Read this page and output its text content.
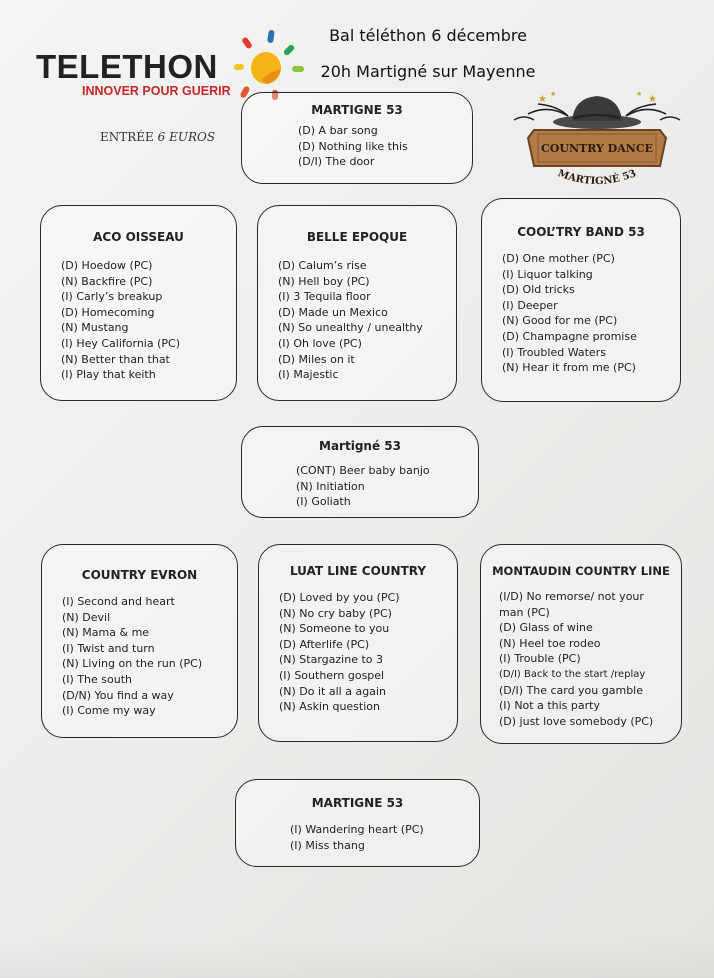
TELETHON
INNOVER POUR GUERIR
Bal téléthon 6 décembre
20h Martigné sur Mayenne
ENTRÉE 6 EUROS
★	★
★	★
COUNTRY DANCE
MARTIGNÉ 53
MARTIGNE 53
(D) A bar song
(D) Nothing like this
(D/I) The door
ACO OISSEAU
(D) Hoedow (PC)
(N) Backfire (PC)
(I) Carly’s breakup
(D) Homecoming
(N) Mustang
(I) Hey California (PC)
(N) Better than that
(I) Play that keith
BELLE EPOQUE
(D) Calum’s rise
(N) Hell boy (PC)
(I) 3 Tequila floor
(D) Made un Mexico
(N) So unealthy / unealthy
(I) Oh love (PC)
(D) Miles on it
(I) Majestic
COOL’TRY BAND 53
(D) One mother (PC)
(I) Liquor talking
(D) Old tricks
(I) Deeper
(N) Good for me (PC)
(D) Champagne promise
(I) Troubled Waters
(N) Hear it from me (PC)
Martigné 53
(CONT) Beer baby banjo
(N) Initiation
(I) Goliath
COUNTRY EVRON
(I) Second and heart
(N) Devil
(N) Mama & me
(I) Twist and turn
(N) Living on the run (PC)
(I) The south
(D/N) You find a way
(I) Come my way
LUAT LINE COUNTRY
(D) Loved by you (PC)
(N) No cry baby (PC)
(N) Someone to you
(D) Afterlife (PC)
(N) Stargazine to 3
(I) Southern gospel
(N) Do it all a again
(N) Askin question
MONTAUDIN COUNTRY LINE
(I/D) No remorse/ not your man (PC)
(D) Glass of wine
(N) Heel toe rodeo
(I) Trouble (PC)
(D/I) Back to the start /replay
(D/I) The card you gamble
(I) Not a this party
(D) just love somebody (PC)
MARTIGNE 53
(I) Wandering heart (PC)
(I) Miss thang
